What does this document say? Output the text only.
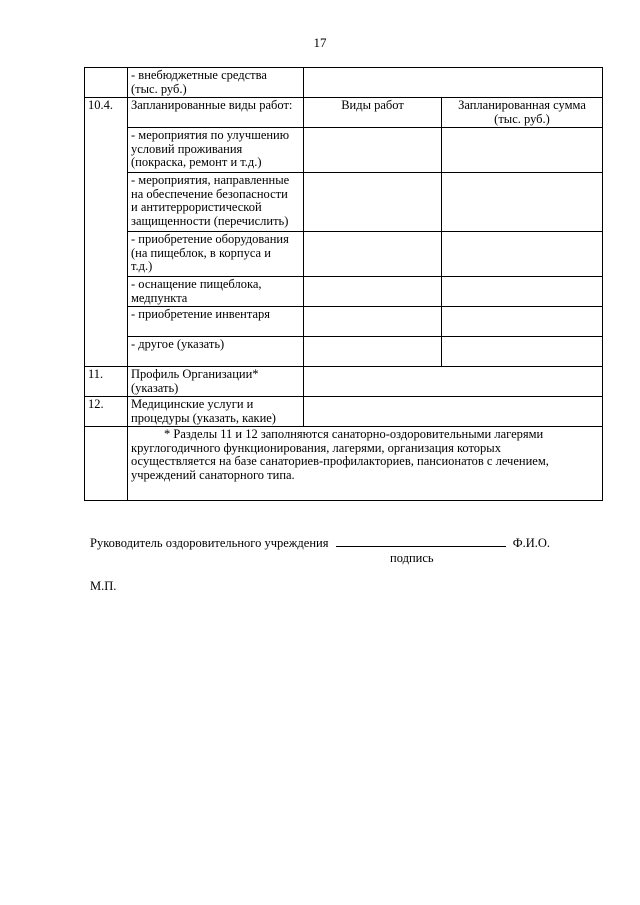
17

	- внебюджетные средства
(тыс. руб.)		

10.4.	Запланированные виды работ:	Виды работ	Запланированная сумма
(тыс. руб.)

	- мероприятия по улучшению
условий проживания
(покраска, ремонт и т.д.)		

	- мероприятия, направленные
на обеспечение безопасности
и антитеррористической
защищенности (перечислить)		

	- приобретение оборудования
(на пищеблок, в корпуса и
т.д.)		

	- оснащение пищеблока,
медпункта		

	- приобретение инвентаря		

	- другое (указать)		

11.	Профиль Организации*
(указать)		

12.	Медицинские услуги и
процедуры (указать, какие)		

	* Разделы 11 и 12 заполняются санаторно-оздоровительными лагерями
круглогодичного функционирования, лагерями, организация которых
осуществляется на базе санаториев-профилакториев, пансионатов с лечением,
учреждений санаторного типа.		
Руководитель оздоровительного учреждения	Ф.И.О.
подпись
М.П.
